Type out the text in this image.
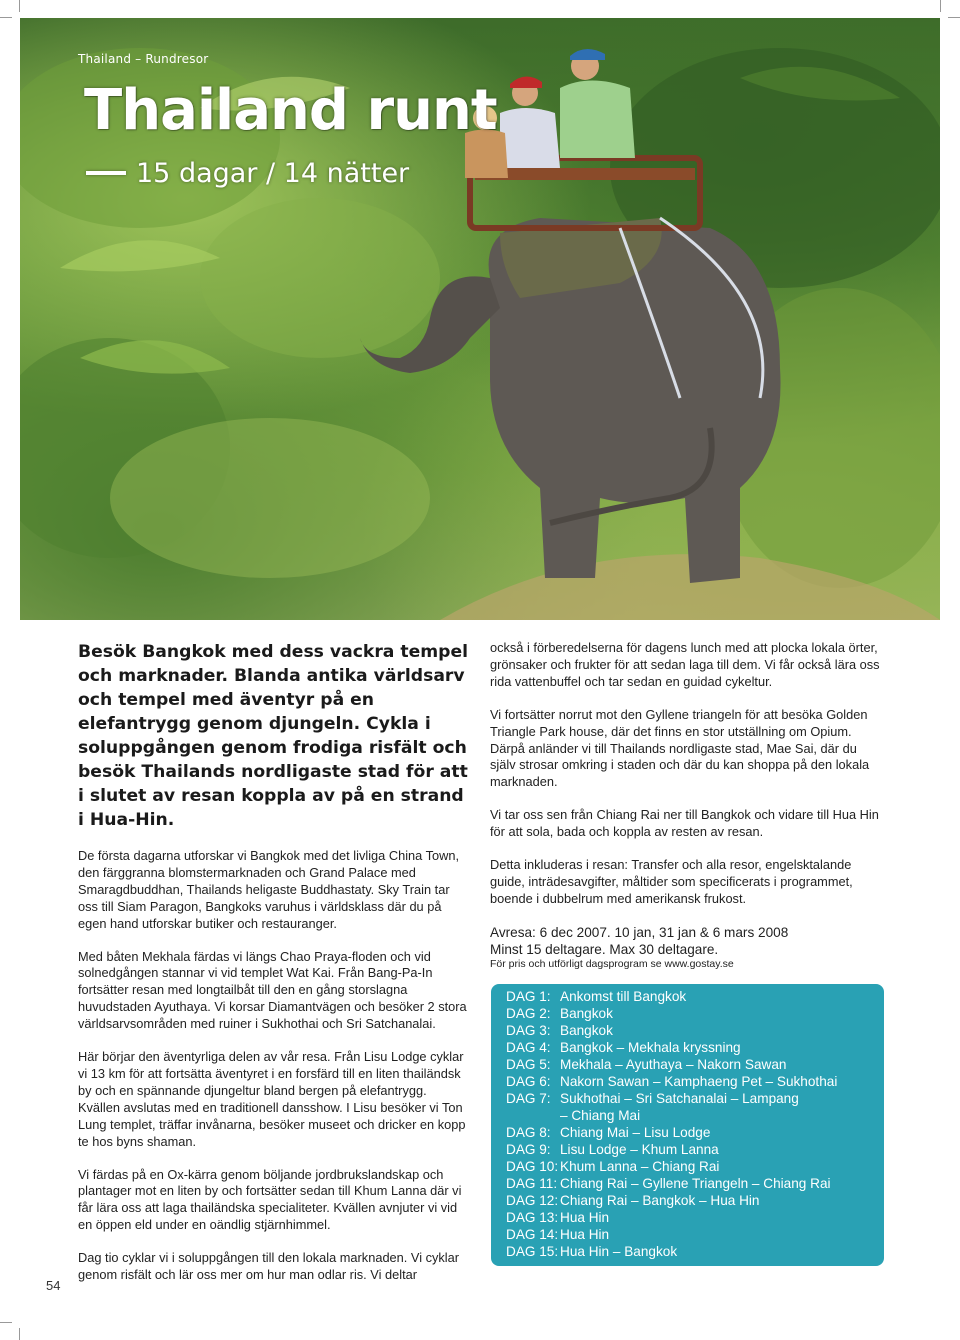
Thailand – Rundresor
Thailand runt
15 dagar / 14 nätter
Besök Bangkok med dess vackra tempel och marknader. Blanda antika världsarv och tempel med äventyr på en elefantrygg genom djungeln. Cykla i soluppgången genom frodiga risfält och besök Thailands nordligaste stad för att i slutet av resan koppla av på en strand i Hua-Hin.

De första dagarna utforskar vi Bangkok med det livliga China Town, den färggranna blomstermarknaden och Grand Palace med Smaragdbuddhan, Thailands heligaste Buddhastaty. Sky Train tar oss till Siam Paragon, Bangkoks varuhus i världsklass där du på egen hand utforskar butiker och restauranger.

Med båten Mekhala färdas vi längs Chao Praya-floden och vid solnedgången stannar vi vid templet Wat Kai. Från Bang-Pa-In fortsätter resan med longtailbåt till den en gång storslagna huvudstaden Ayuthaya. Vi korsar Diamantvägen och besöker 2 stora världsarvsområden med ruiner i Sukhothai och Sri Satchanalai.

Här börjar den äventyrliga delen av vår resa. Från Lisu Lodge cyklar vi 13 km för att fortsätta äventyret i en forsfärd till en liten thailändsk by och en spännande djungeltur bland bergen på elefantrygg. Kvällen avslutas med en traditionell dansshow. I Lisu besöker vi Ton Lung templet, träffar invånarna, besöker museet och dricker en kopp te hos byns shaman.

Vi färdas på en Ox-kärra genom böljande jordbrukslandskap och plantager mot en liten by och fortsätter sedan till Khum Lanna där vi får lära oss att laga thailändska specialiteter. Kvällen avnjuter vi vid en öppen eld under en oändlig stjärnhimmel.

Dag tio cyklar vi i soluppgången till den lokala marknaden. Vi cyklar genom risfält och lär oss mer om hur man odlar ris. Vi deltar

också i förberedelserna för dagens lunch med att plocka lokala örter, grönsaker och frukter för att sedan laga till dem. Vi får också lära oss rida vattenbuffel och tar sedan en guidad cykeltur.

Vi fortsätter norrut mot den Gyllene triangeln för att besöka Golden Triangle Park house, där det finns en stor utställning om Opium. Därpå anländer vi till Thailands nordligaste stad, Mae Sai, där du själv strosar omkring i staden och där du kan shoppa på den lokala marknaden.

Vi tar oss sen från Chiang Rai ner till Bangkok och vidare till Hua Hin för att sola, bada och koppla av resten av resan.

Detta inkluderas i resan: Transfer och alla resor, engelsktalande guide, inträdesavgifter, måltider som specificerats i programmet, boende i dubbelrum med amerikansk frukost.

Avresa: 6 dec 2007. 10 jan, 31 jan & 6 mars 2008
Minst 15 deltagare. Max 30 deltagare.
För pris och utförligt dagsprogram se www.gostay.se
DAG 1: Ankomst till Bangkok
DAG 2: Bangkok
DAG 3: Bangkok
DAG 4: Bangkok – Mekhala kryssning
DAG 5: Mekhala – Ayuthaya – Nakorn Sawan
DAG 6: Nakorn Sawan – Kamphaeng Pet – Sukhothai
DAG 7: Sukhothai – Sri Satchanalai – Lampang
– Chiang Mai
DAG 8: Chiang Mai – Lisu Lodge
DAG 9: Lisu Lodge – Khum Lanna
DAG 10: Khum Lanna – Chiang Rai
DAG 11: Chiang Rai – Gyllene Triangeln – Chiang Rai
DAG 12: Chiang Rai – Bangkok – Hua Hin
DAG 13: Hua Hin
DAG 14: Hua Hin
DAG 15: Hua Hin – Bangkok
54
